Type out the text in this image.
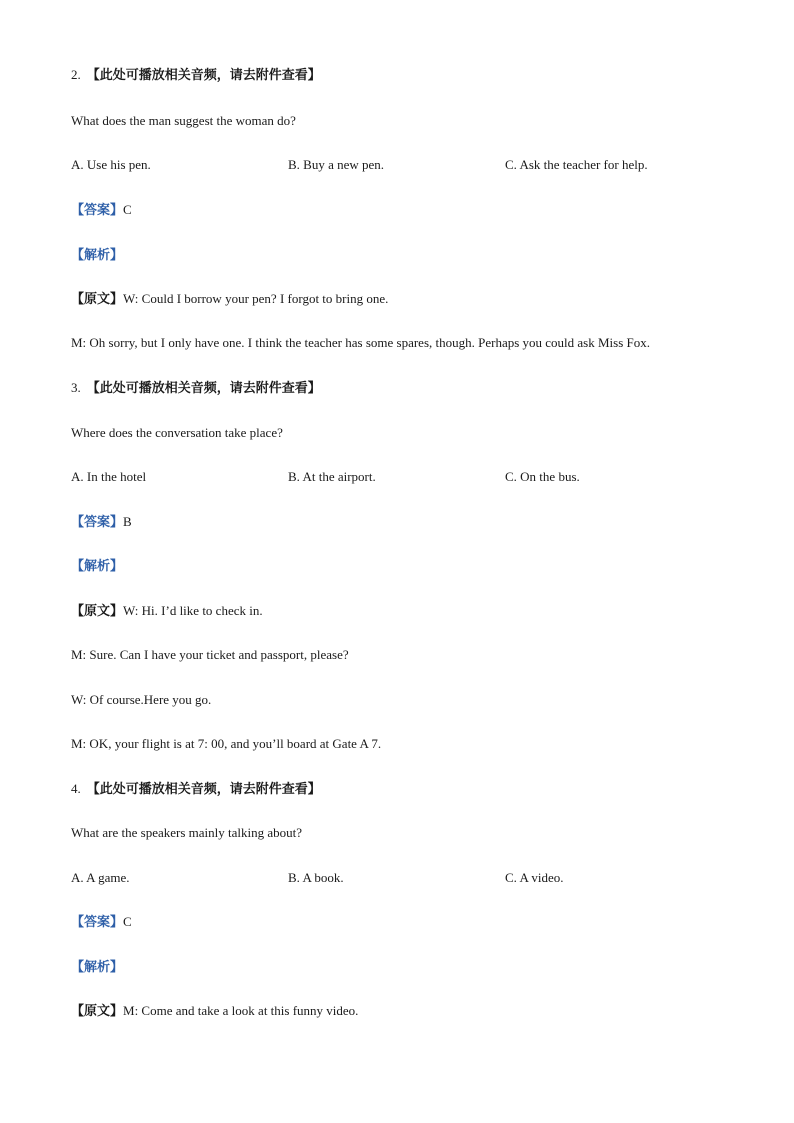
2. 【此处可播放相关音频，请去附件查看】
What does the man suggest the woman do?
A. Use his pen.	B. Buy a new pen.	C. Ask the teacher for help.
【答案】C
【解析】
【原文】W: Could I borrow your pen? I forgot to bring one.
M: Oh sorry, but I only have one. I think the teacher has some spares, though. Perhaps you could ask Miss Fox.
3. 【此处可播放相关音频，请去附件查看】
Where does the conversation take place?
A. In the hotel	B. At the airport.	C. On the bus.
【答案】B
【解析】
【原文】W: Hi. I’d like to check in.
M: Sure. Can I have your ticket and passport, please?
W: Of course.Here you go.
M: OK, your flight is at 7: 00, and you’ll board at Gate A 7.
4. 【此处可播放相关音频，请去附件查看】
What are the speakers mainly talking about?
A. A game.	B. A book.	C. A video.
【答案】C
【解析】
【原文】M: Come and take a look at this funny video.
